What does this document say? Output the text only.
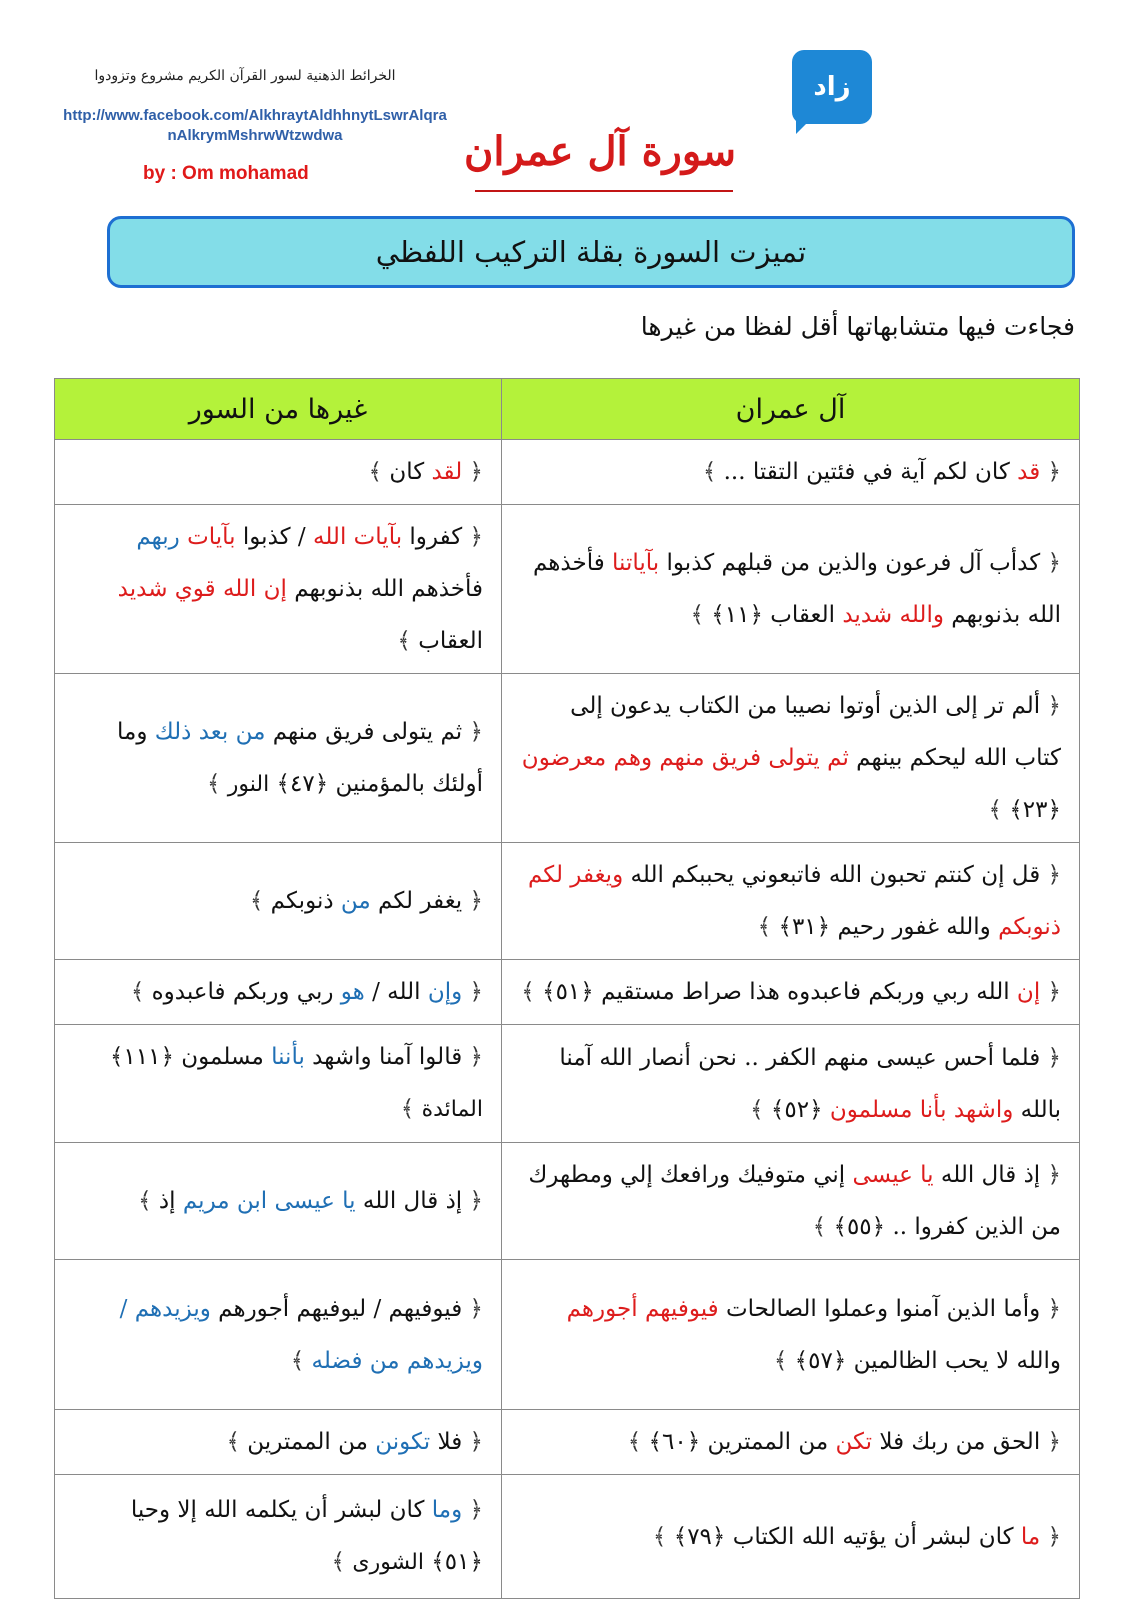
الخرائط الذهنية لسور القرآن الكريم مشروع وتزودوا
http://www.facebook.com/AlkhraytAldhhnytLswrAlqra
nAlkrymMshrwWtzwdwa
by : Om mohamad
زاد
سورة آل عمران
تميزت السورة بقلة التركيب اللفظي
فجاءت فيها متشابهاتها أقل لفظا من غيرها
آل عمران	غيرها من السور
﴿ قد كان لكم آية في فئتين التقتا ... ﴾	﴿ لقد كان ﴾
﴿ كدأب آل فرعون والذين من قبلهم كذبوا بآياتنا فأخذهم الله بذنوبهم والله شديد العقاب ﴿١١﴾ ﴾	﴿ كفروا بآيات الله / كذبوا بآيات ربهم فأخذهم الله بذنوبهم إن الله قوي شديد العقاب ﴾
﴿ ألم تر إلى الذين أوتوا نصيبا من الكتاب يدعون إلى كتاب الله ليحكم بينهم ثم يتولى فريق منهم وهم معرضون ﴿٢٣﴾ ﴾	﴿ ثم يتولى فريق منهم من بعد ذلك وما أولئك بالمؤمنين ﴿٤٧﴾ النور ﴾
﴿ قل إن كنتم تحبون الله فاتبعوني يحببكم الله ويغفر لكم ذنوبكم والله غفور رحيم ﴿٣١﴾ ﴾	﴿ يغفر لكم من ذنوبكم ﴾
﴿ إن الله ربي وربكم فاعبدوه هذا صراط مستقيم ﴿٥١﴾ ﴾	﴿ وإن الله / هو ربي وربكم فاعبدوه ﴾
﴿ فلما أحس عيسى منهم الكفر .. نحن أنصار الله آمنا بالله واشهد بأنا مسلمون ﴿٥٢﴾ ﴾	﴿ قالوا آمنا واشهد بأننا مسلمون ﴿١١١﴾ المائدة ﴾
﴿ إذ قال الله يا عيسى إني متوفيك ورافعك إلي ومطهرك من الذين كفروا .. ﴿٥٥﴾ ﴾	﴿ إذ قال الله يا عيسى ابن مريم إذ ﴾
﴿ وأما الذين آمنوا وعملوا الصالحات فيوفيهم أجورهم والله لا يحب الظالمين ﴿٥٧﴾ ﴾	﴿ فيوفيهم / ليوفيهم أجورهم ويزيدهم / ويزيدهم من فضله ﴾
﴿ الحق من ربك فلا تكن من الممترين ﴿٦٠﴾ ﴾	﴿ فلا تكونن من الممترين ﴾
﴿ ما كان لبشر أن يؤتيه الله الكتاب ﴿٧٩﴾ ﴾	﴿ وما كان لبشر أن يكلمه الله إلا وحيا ﴿٥١﴾ الشورى ﴾
